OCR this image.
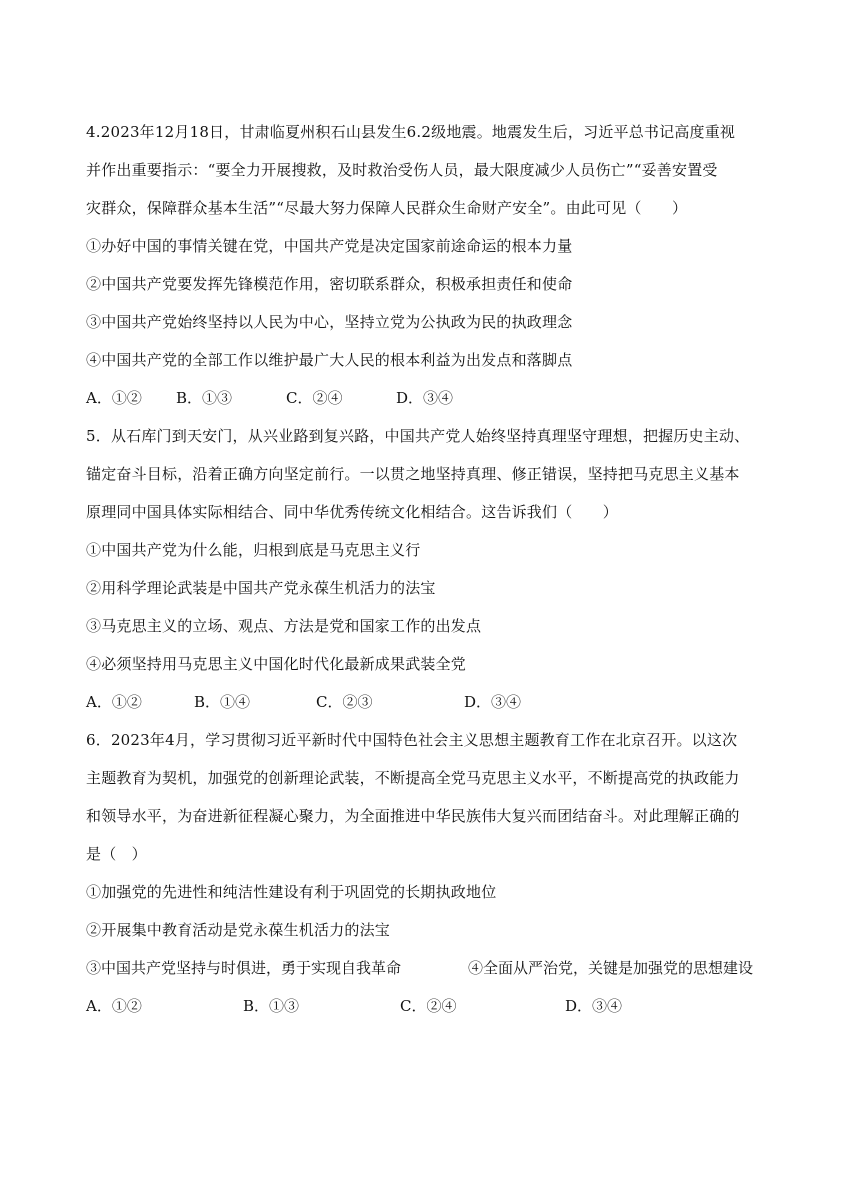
4.2023年12月18日，甘肃临夏州积石山县发生6.2级地震。地震发生后，习近平总书记高度重视
并作出重要指示：“要全力开展搜救，及时救治受伤人员，最大限度减少人员伤亡”“妥善安置受
灾群众，保障群众基本生活”“尽最大努力保障人民群众生命财产安全”。由此可见（　　）
①办好中国的事情关键在党，中国共产党是决定国家前途命运的根本力量
②中国共产党要发挥先锋模范作用，密切联系群众，积极承担责任和使命
③中国共产党始终坚持以人民为中心，坚持立党为公执政为民的执政理念
④中国共产党的全部工作以维护最广大人民的根本利益为出发点和落脚点
A．①②	B．①③	C．②④	D．③④
5．从石库门到天安门，从兴业路到复兴路，中国共产党人始终坚持真理坚守理想，把握历史主动、
锚定奋斗目标，沿着正确方向坚定前行。一以贯之地坚持真理、修正错误，坚持把马克思主义基本
原理同中国具体实际相结合、同中华优秀传统文化相结合。这告诉我们（　　）
①中国共产党为什么能，归根到底是马克思主义行
②用科学理论武装是中国共产党永葆生机活力的法宝
③马克思主义的立场、观点、方法是党和国家工作的出发点
④必须坚持用马克思主义中国化时代化最新成果武装全党
A．①②	B．①④	C．②③	D．③④
6．2023年4月，学习贯彻习近平新时代中国特色社会主义思想主题教育工作在北京召开。以这次
主题教育为契机，加强党的创新理论武装，不断提高全党马克思主义水平，不断提高党的执政能力
和领导水平，为奋进新征程凝心聚力，为全面推进中华民族伟大复兴而团结奋斗。对此理解正确的
是（　）
①加强党的先进性和纯洁性建设有利于巩固党的长期执政地位
②开展集中教育活动是党永葆生机活力的法宝
③中国共产党坚持与时俱进，勇于实现自我革命	④全面从严治党，关键是加强党的思想建设
A．①②	B．①③	C．②④	D．③④
